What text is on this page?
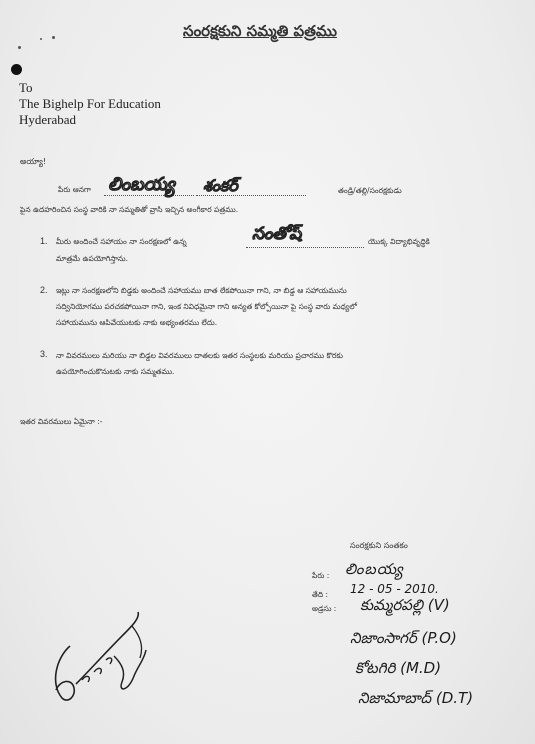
సంరక్షకుని సమ్మతి పత్రము
To
The Bighelp For Education
Hyderabad
అయ్యా!
పేరు ఆనగా లింబయ్య శంకర్	తండ్రి/తల్లి/సంరక్షకుడు
పైన ఉదహరించిన సంస్థ వారికి నా సమ్మతితో వ్రాసి ఇచ్చిన అంగీకార పత్రము.
1. మీరు అందించే సహాయం నా సంరక్షణలో ఉన్న	సంతోష్	యొక్క విద్యాభివృద్ధికి
మాత్రమే ఉపయోగిస్తాను.
2. ఇట్లు నా సంరక్షణలోని బిడ్డకు అందించే సహాయము బాత లేకపోయినా గాని, నా బిడ్డ ఆ సహాయమును
సద్వినియోగము పరచకపోయినా గాని, ఇంక నివిధమైనా గాని అన్యత కోల్పోయినా పై సంస్థ వారు మధ్యలో
సహాయమును ఆపివేయుటకు నాకు అభ్యంతరము లేదు.
3. నా వివరములు మరియు నా బిడ్డల వివరములు దాతలకు ఇతర సంస్థలకు మరియు ప్రచారము కొరకు
ఉపయోగించుకొనుటకు నాకు సమ్మతము.
ఇతర వివరములు ఏమైనా :-
సంరక్షకుని సంతకం
పేరు : లింబయ్య
తేది : 12 - 05 - 2010.
అడ్రసు : కుమ్మరపల్లి (V)
నిజాంసాగర్ (P.O)
కోటగిరి (M.D)
నిజామాబాద్ (D.T)
